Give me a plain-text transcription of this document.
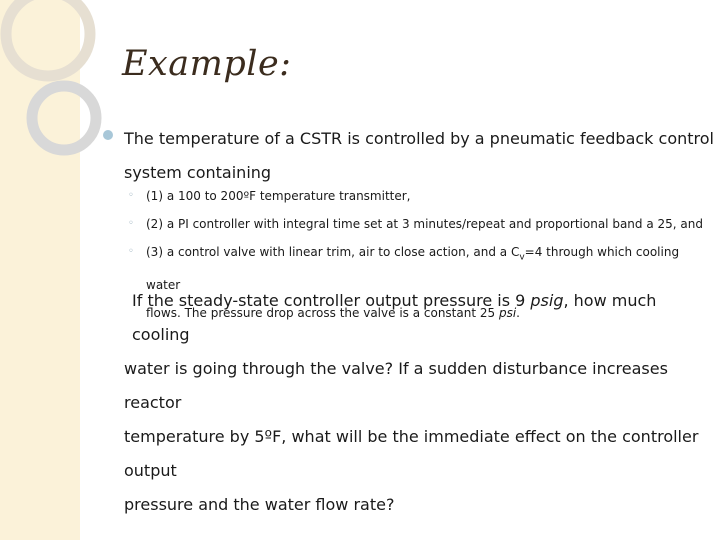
Example:
The temperature of a CSTR is controlled by a pneumatic feedback control
system containing
◦ (1) a 100 to 200ºF temperature transmitter,
◦ (2) a PI controller with integral time set at 3 minutes/repeat and proportional band a 25, and
◦ (3) a control valve with linear trim, air to close action, and a $C_v=4$ through which cooling water
flows. The pressure drop across the valve is a constant 25 psi.
If the steady-state controller output pressure is 9 psig, how much cooling
water is going through the valve? If a sudden disturbance increases reactor
temperature by 5ºF, what will be the immediate effect on the controller output
pressure and the water flow rate?
